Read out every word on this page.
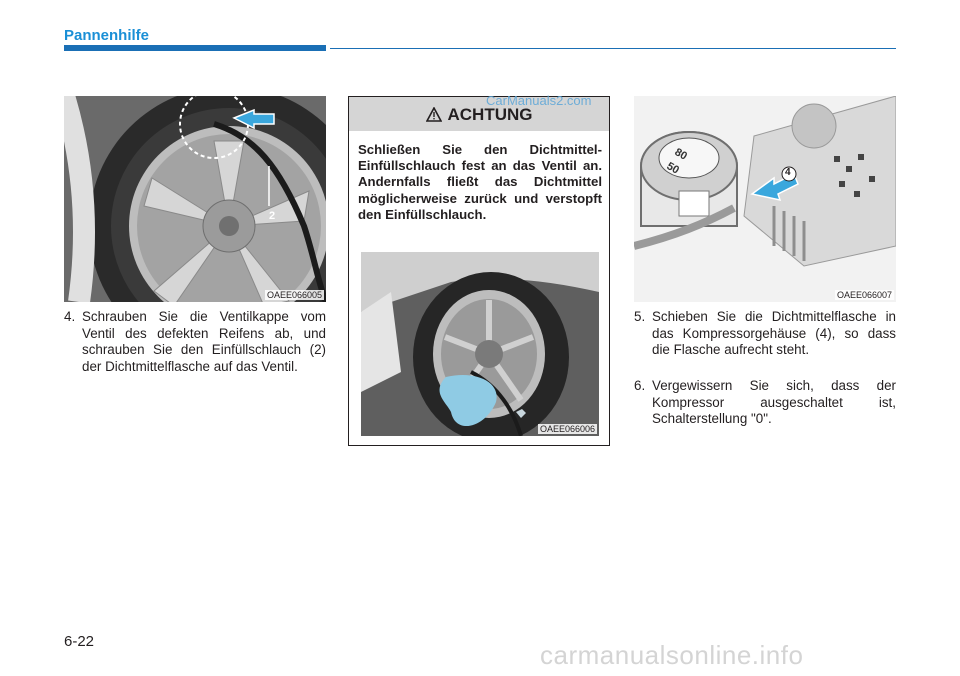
Pannenhilfe
2
OAEE066005
4. Schrauben Sie die Ventilkappe vom Ventil des defekten Reifens ab, und schrauben Sie den Einfüllschlauch (2) der Dichtmittelflasche auf das Ventil.
ACHTUNG
Schließen Sie den Dichtmittel-Einfüllschlauch fest an das Ventil an. Andernfalls fließt das Dichtmittel möglicherweise zurück und verstopft den Einfüllschlauch.
OAEE066006
80
50	4
OAEE066007
5. Schieben Sie die Dichtmittelflasche in das Kompressorgehäuse (4), so dass die Flasche aufrecht steht.
6. Vergewissern Sie sich, dass der Kompressor ausgeschaltet ist, Schalterstellung "0".
CarManuals2.com
6-22	carmanualsonline.info
